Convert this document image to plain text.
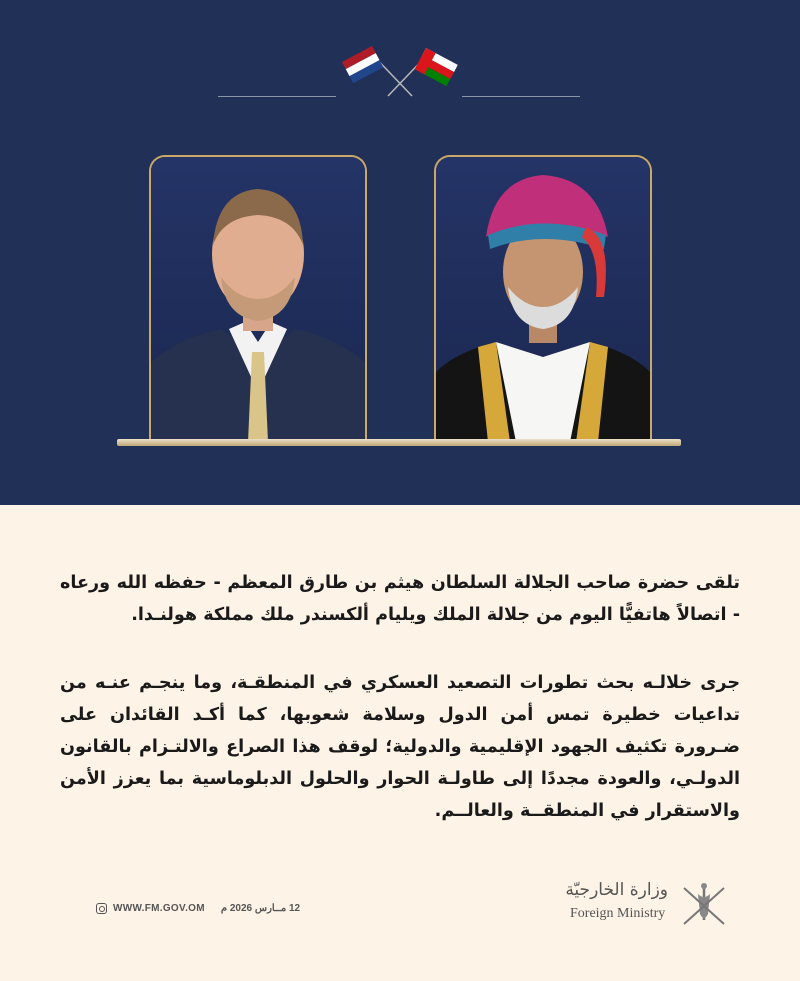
تلقى حضرة صاحب الجلالة السلطان هيثم بن طارق المعظم - حفظه الله ورعاه - اتصالاً هاتفيًّا اليوم من جلالة الملك ويليام ألكسندر ملك مملكة هولنـدا.
جرى خلالـه بحث تطورات التصعيد العسكري في المنطقـة، وما ينجـم عنـه من تداعيات خطيرة تمس أمن الدول وسلامة شعوبها، كما أكـد القائدان على ضـرورة تكثيف الجهود الإقليمية والدولية؛ لوقف هذا الصراع والالتـزام بالقانون الدولـي، والعودة مجددًا إلى طاولـة الحوار والحلول الدبلوماسية بما يعزز الأمن والاستقرار في المنطقــة والعالــم.
WWW.FM.GOV.OM 12 مــارس 2026 م
وزارة الخارجيّة
Foreign Ministry
